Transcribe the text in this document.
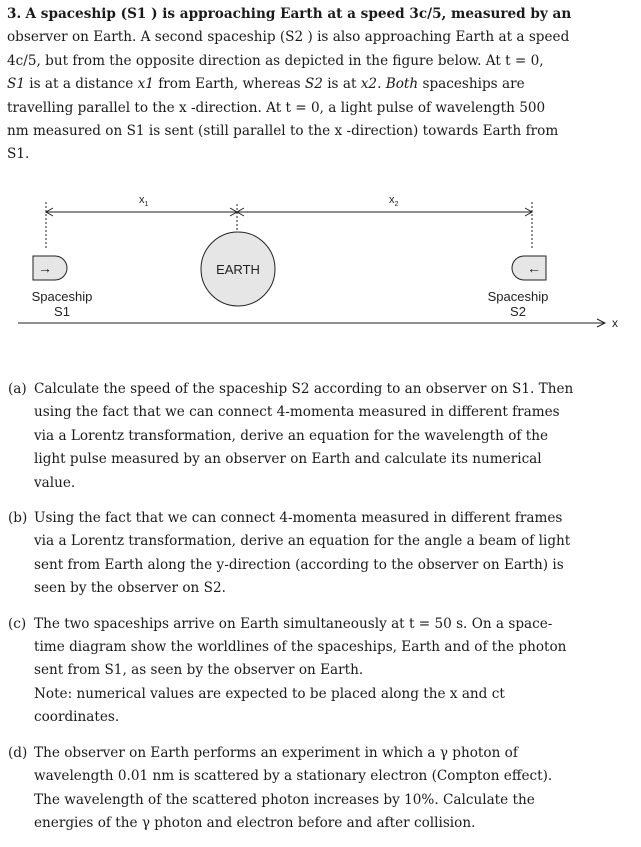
3. A spaceship (S1 ) is approaching Earth at a speed 3c/5, measured by an
observer on Earth. A second spaceship (S2 ) is also approaching Earth at a speed
4c/5, but from the opposite direction as depicted in the figure below. At t = 0,
S1 is at a distance x1 from Earth, whereas S2 is at x2. Both spaceships are
travelling parallel to the x -direction. At t = 0, a light pulse of wavelength 500
nm measured on S1 is sent (still parallel to the x -direction) towards Earth from
S1.
$x_1$	$x_2$
EARTH
→	←
Spaceship
S1
Spaceship
S2
x
(a) Calculate the speed of the spaceship S2 according to an observer on S1. Then

using the fact that we can connect 4-momenta measured in different frames

via a Lorentz transformation, derive an equation for the wavelength of the

light pulse measured by an observer on Earth and calculate its numerical

value.

(b) Using the fact that we can connect 4-momenta measured in different frames

via a Lorentz transformation, derive an equation for the angle a beam of light

sent from Earth along the y-direction (according to the observer on Earth) is

seen by the observer on S2.

(c) The two spaceships arrive on Earth simultaneously at t = 50 s. On a space-

time diagram show the worldlines of the spaceships, Earth and of the photon

sent from S1, as seen by the observer on Earth.

Note: numerical values are expected to be placed along the x and ct

coordinates.

(d) The observer on Earth performs an experiment in which a γ photon of

wavelength 0.01 nm is scattered by a stationary electron (Compton effect).

The wavelength of the scattered photon increases by 10%. Calculate the

energies of the γ photon and electron before and after collision.
